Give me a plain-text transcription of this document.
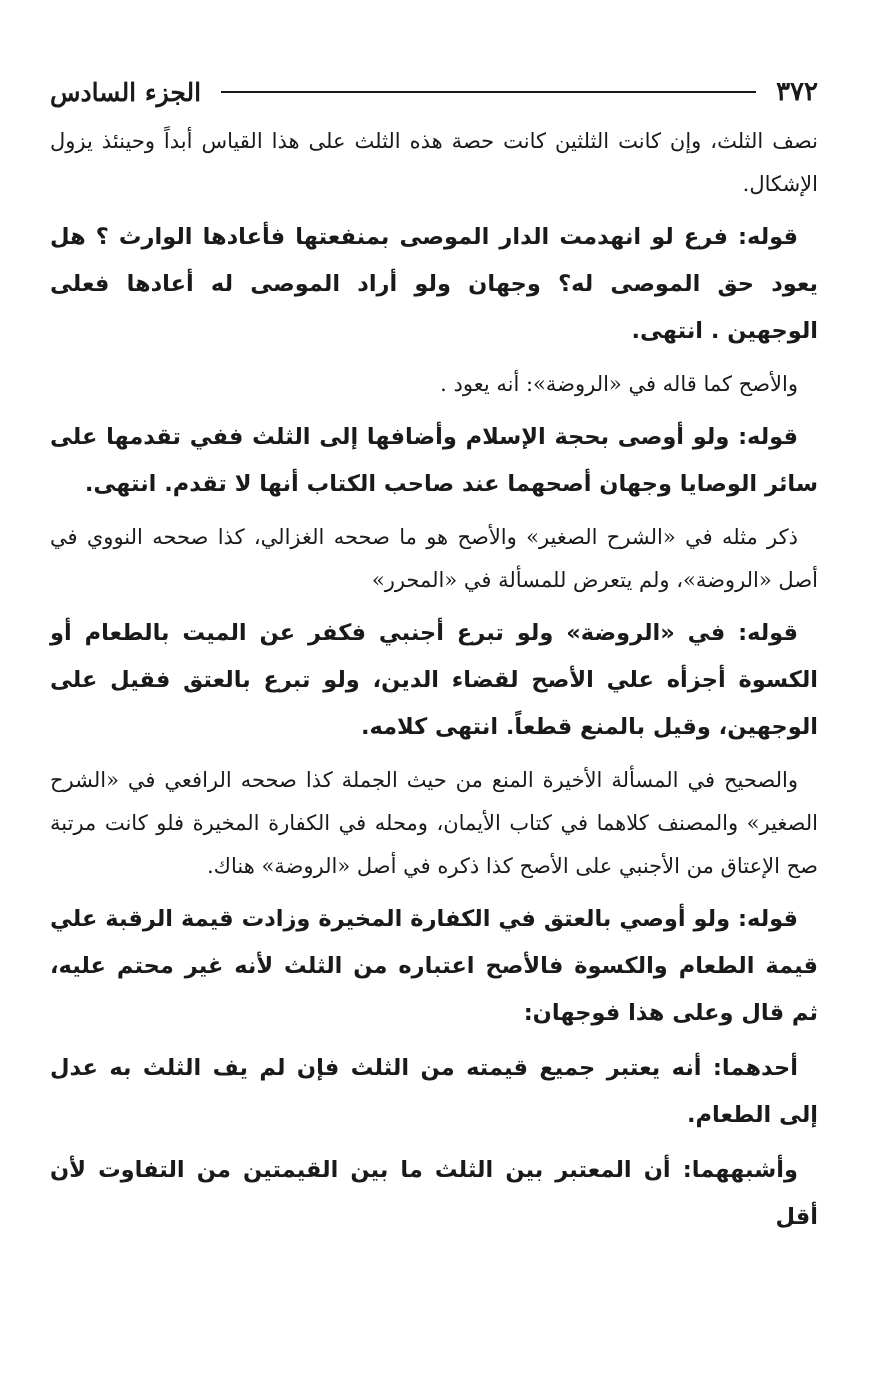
٣٧٢
الجزء السادس

نصف الثلث، وإن كانت الثلثين كانت حصة هذه الثلث على هذا القياس أبداً وحينئذ يزول الإشكال.

قوله: فرع لو انهدمت الدار الموصى بمنفعتها فأعادها الوارث ؟ هل يعود حق الموصى له؟ وجهان ولو أراد الموصى له أعادها فعلى الوجهين . انتهى.

والأصح كما قاله في «الروضة»: أنه يعود .

قوله: ولو أوصى بحجة الإسلام وأضافها إلى الثلث ففي تقدمها على سائر الوصايا وجهان أصحهما عند صاحب الكتاب أنها لا تقدم. انتهى.

ذكر مثله في «الشرح الصغير» والأصح هو ما صححه الغزالي، كذا صححه النووي في أصل «الروضة»، ولم يتعرض للمسألة في «المحرر»

قوله: في «الروضة» ولو تبرع أجنبي فكفر عن الميت بالطعام أو الكسوة أجزأه علي الأصح لقضاء الدين، ولو تبرع بالعتق فقيل على الوجهين، وقيل بالمنع قطعاً. انتهى كلامه.

والصحيح في المسألة الأخيرة المنع من حيث الجملة كذا صححه الرافعي في «الشرح الصغير» والمصنف كلاهما في كتاب الأيمان، ومحله في الكفارة المخيرة فلو كانت مرتبة صح الإعتاق من الأجنبي على الأصح كذا ذكره في أصل «الروضة» هناك.

قوله: ولو أوصي بالعتق في الكفارة المخيرة وزادت قيمة الرقبة علي قيمة الطعام والكسوة فالأصح اعتباره من الثلث لأنه غير محتم عليه، ثم قال وعلى هذا فوجهان:

أحدهما: أنه يعتبر جميع قيمته من الثلث فإن لم يف الثلث به عدل إلى الطعام.

وأشبههما: أن المعتبر بين الثلث ما بين القيمتين من التفاوت لأن أقل
